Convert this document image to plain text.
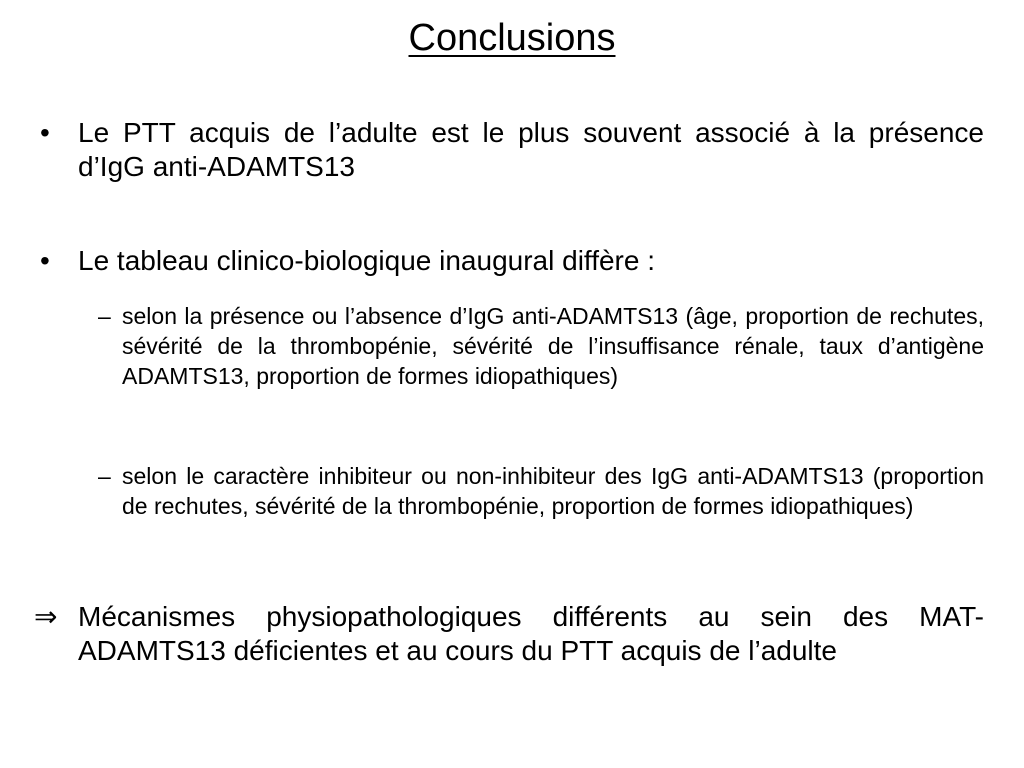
Conclusions
• Le PTT acquis de l’adulte est le plus souvent associé à la présence d’IgG anti-ADAMTS13
• Le tableau clinico-biologique inaugural diffère :
– selon la présence ou l’absence d’IgG anti-ADAMTS13 (âge, proportion de rechutes, sévérité de la thrombopénie, sévérité de l’insuffisance rénale, taux d’antigène ADAMTS13, proportion de formes idiopathiques)
– selon le caractère inhibiteur ou non-inhibiteur des IgG anti-ADAMTS13 (proportion de rechutes, sévérité de la thrombopénie, proportion de formes idiopathiques)
⇒ Mécanismes physiopathologiques différents au sein des MAT-ADAMTS13 déficientes et au cours du PTT acquis de l’adulte
